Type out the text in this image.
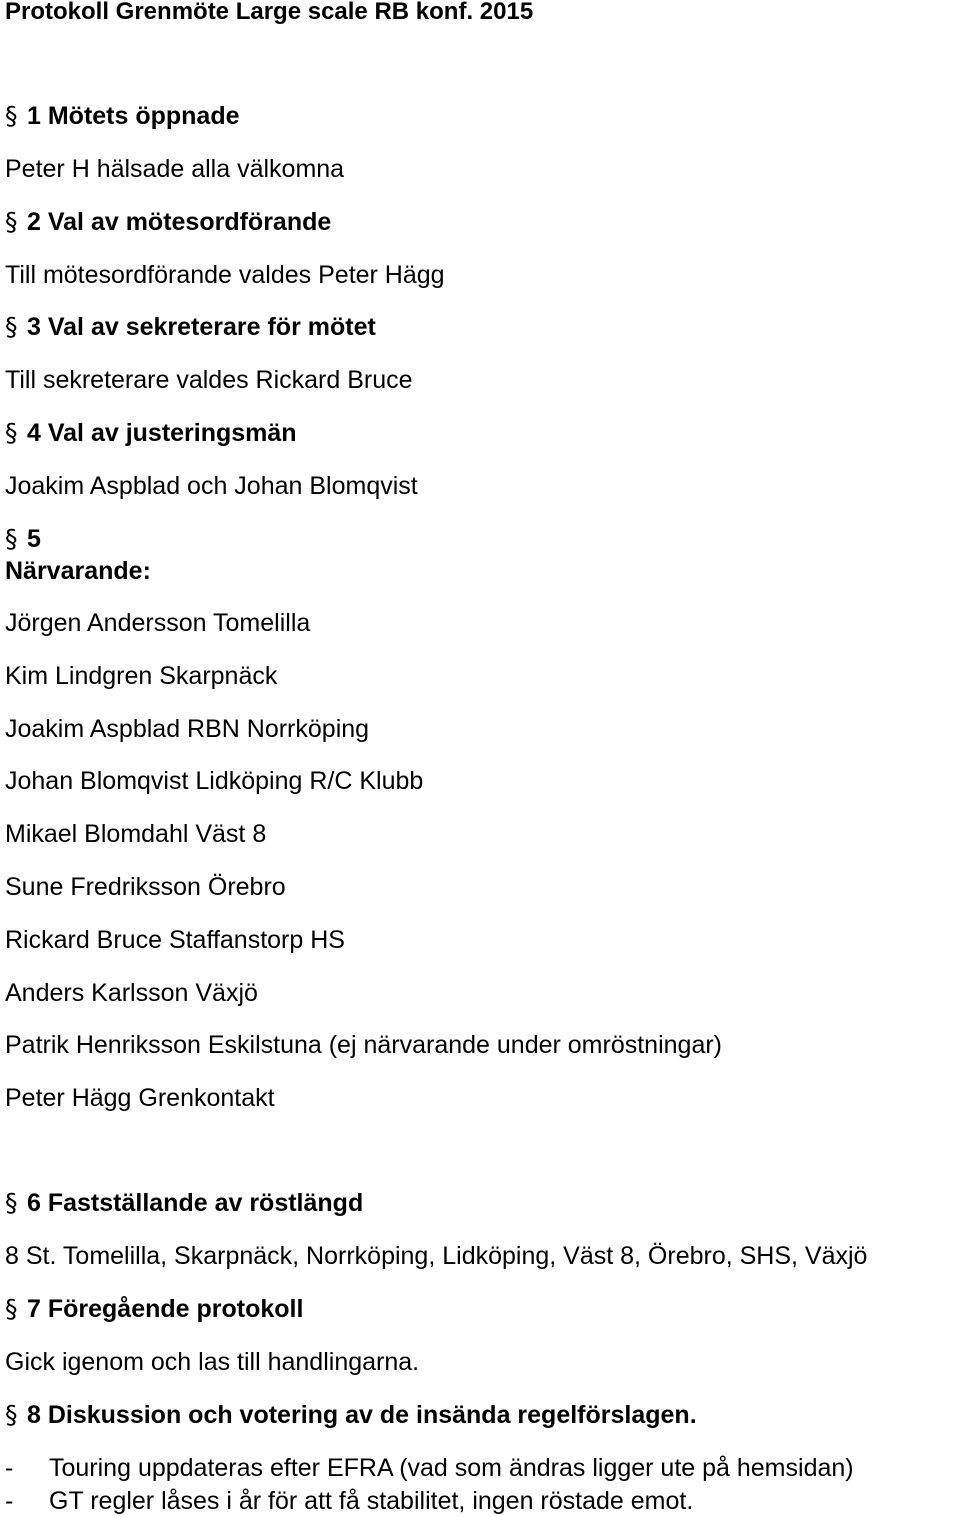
Protokoll Grenmöte Large scale RB konf. 2015
§ 1 Mötets öppnade
Peter H hälsade alla välkomna
§ 2 Val av mötesordförande
Till mötesordförande valdes Peter Hägg
§ 3 Val av sekreterare för mötet
Till sekreterare valdes Rickard Bruce
§ 4 Val av justeringsmän
Joakim Aspblad och Johan Blomqvist
§ 5
Närvarande:
Jörgen Andersson Tomelilla
Kim Lindgren Skarpnäck
Joakim Aspblad RBN Norrköping
Johan Blomqvist Lidköping R/C Klubb
Mikael Blomdahl Väst 8
Sune Fredriksson Örebro
Rickard Bruce Staffanstorp HS
Anders Karlsson Växjö
Patrik Henriksson Eskilstuna (ej närvarande under omröstningar)
Peter Hägg Grenkontakt
§ 6 Fastställande av röstlängd
8 St. Tomelilla, Skarpnäck, Norrköping, Lidköping, Väst 8, Örebro, SHS, Växjö
§ 7 Föregående protokoll
Gick igenom och las till handlingarna.
§ 8 Diskussion och votering av de insända regelförslagen.
- Touring uppdateras efter EFRA (vad som ändras ligger ute på hemsidan)
- GT regler låses i år för att få stabilitet, ingen röstade emot.
